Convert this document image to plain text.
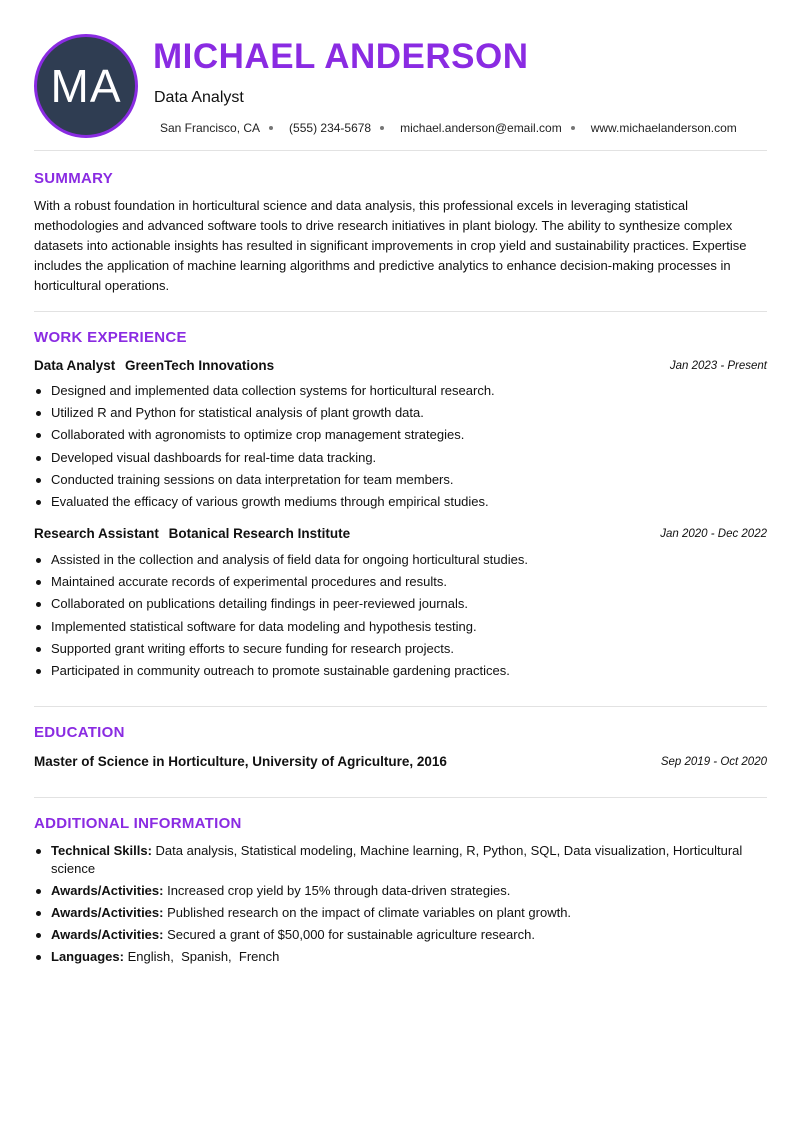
MA
MICHAEL ANDERSON
Data Analyst
San Francisco, CA (555) 234-5678 michael.anderson@email.com www.michaelanderson.com
SUMMARY
With a robust foundation in horticultural science and data analysis, this professional excels in leveraging statistical methodologies and advanced software tools to drive research initiatives in plant biology. The ability to synthesize complex datasets into actionable insights has resulted in significant improvements in crop yield and sustainability practices. Expertise includes the application of machine learning algorithms and predictive analytics to enhance decision-making processes in horticultural operations.
WORK EXPERIENCE
Data Analyst GreenTech Innovations	Jan 2023 - Present
Designed and implemented data collection systems for horticultural research.
Utilized R and Python for statistical analysis of plant growth data.
Collaborated with agronomists to optimize crop management strategies.
Developed visual dashboards for real-time data tracking.
Conducted training sessions on data interpretation for team members.
Evaluated the efficacy of various growth mediums through empirical studies.
Research Assistant Botanical Research Institute	Jan 2020 - Dec 2022
Assisted in the collection and analysis of field data for ongoing horticultural studies.
Maintained accurate records of experimental procedures and results.
Collaborated on publications detailing findings in peer-reviewed journals.
Implemented statistical software for data modeling and hypothesis testing.
Supported grant writing efforts to secure funding for research projects.
Participated in community outreach to promote sustainable gardening practices.
EDUCATION
Master of Science in Horticulture, University of Agriculture, 2016	Sep 2019 - Oct 2020
ADDITIONAL INFORMATION
Technical Skills: Data analysis, Statistical modeling, Machine learning, R, Python, SQL, Data visualization, Horticultural science
Awards/Activities: Increased crop yield by 15% through data-driven strategies.
Awards/Activities: Published research on the impact of climate variables on plant growth.
Awards/Activities: Secured a grant of $50,000 for sustainable agriculture research.
Languages: English,  Spanish,  French
